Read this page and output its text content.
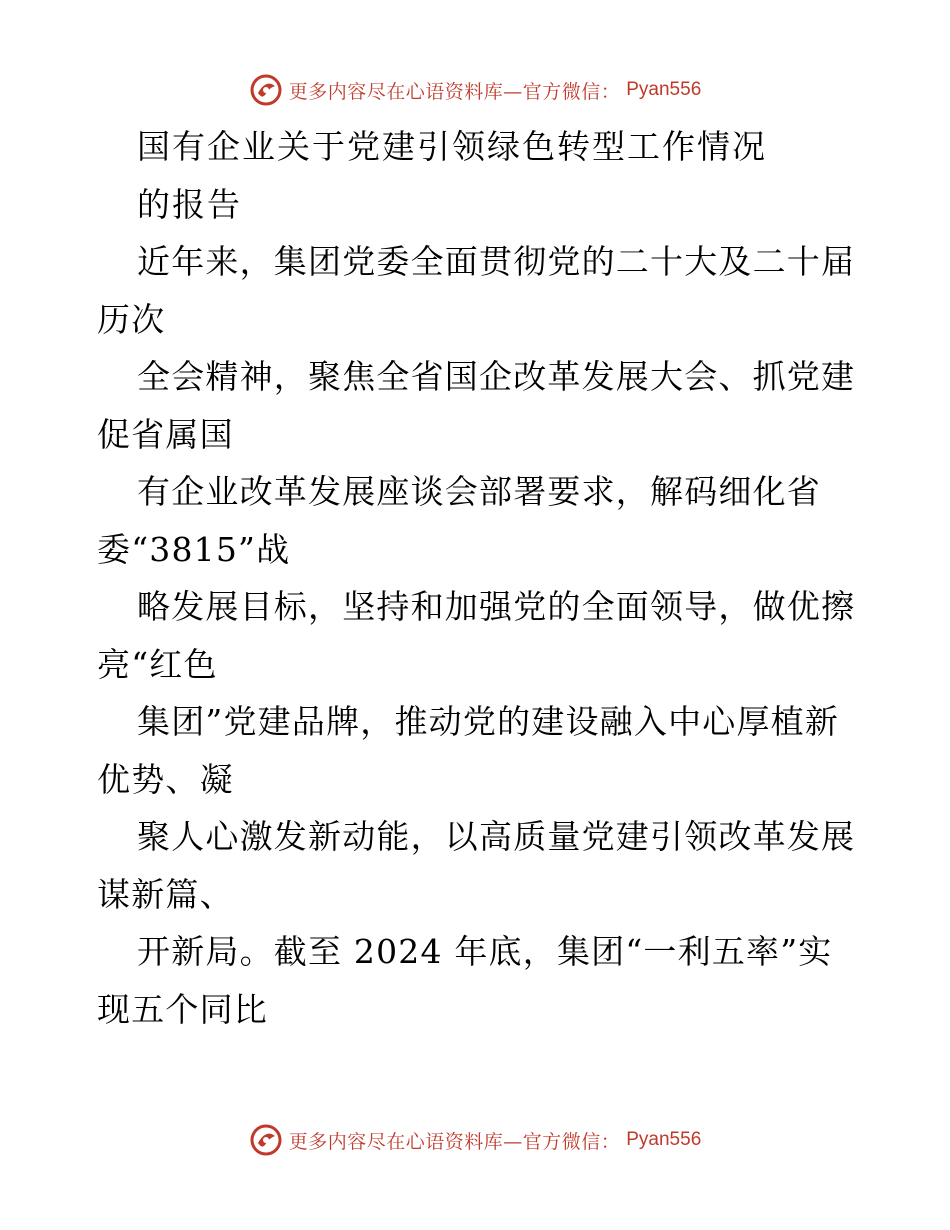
更多内容尽在心语资料库—官方微信： Pyan556
国有企业关于党建引领绿色转型工作情况
的报告
近年来，集团党委全面贯彻党的二十大及二十届
历次
全会精神，聚焦全省国企改革发展大会、抓党建
促省属国
有企业改革发展座谈会部署要求，解码细化省
委“3815”战
略发展目标，坚持和加强党的全面领导，做优擦
亮“红色
集团”党建品牌，推动党的建设融入中心厚植新
优势、凝
聚人心激发新动能，以高质量党建引领改革发展
谋新篇、
开新局。截至 2024 年底，集团“一利五率”实
现五个同比
更多内容尽在心语资料库—官方微信： Pyan556
